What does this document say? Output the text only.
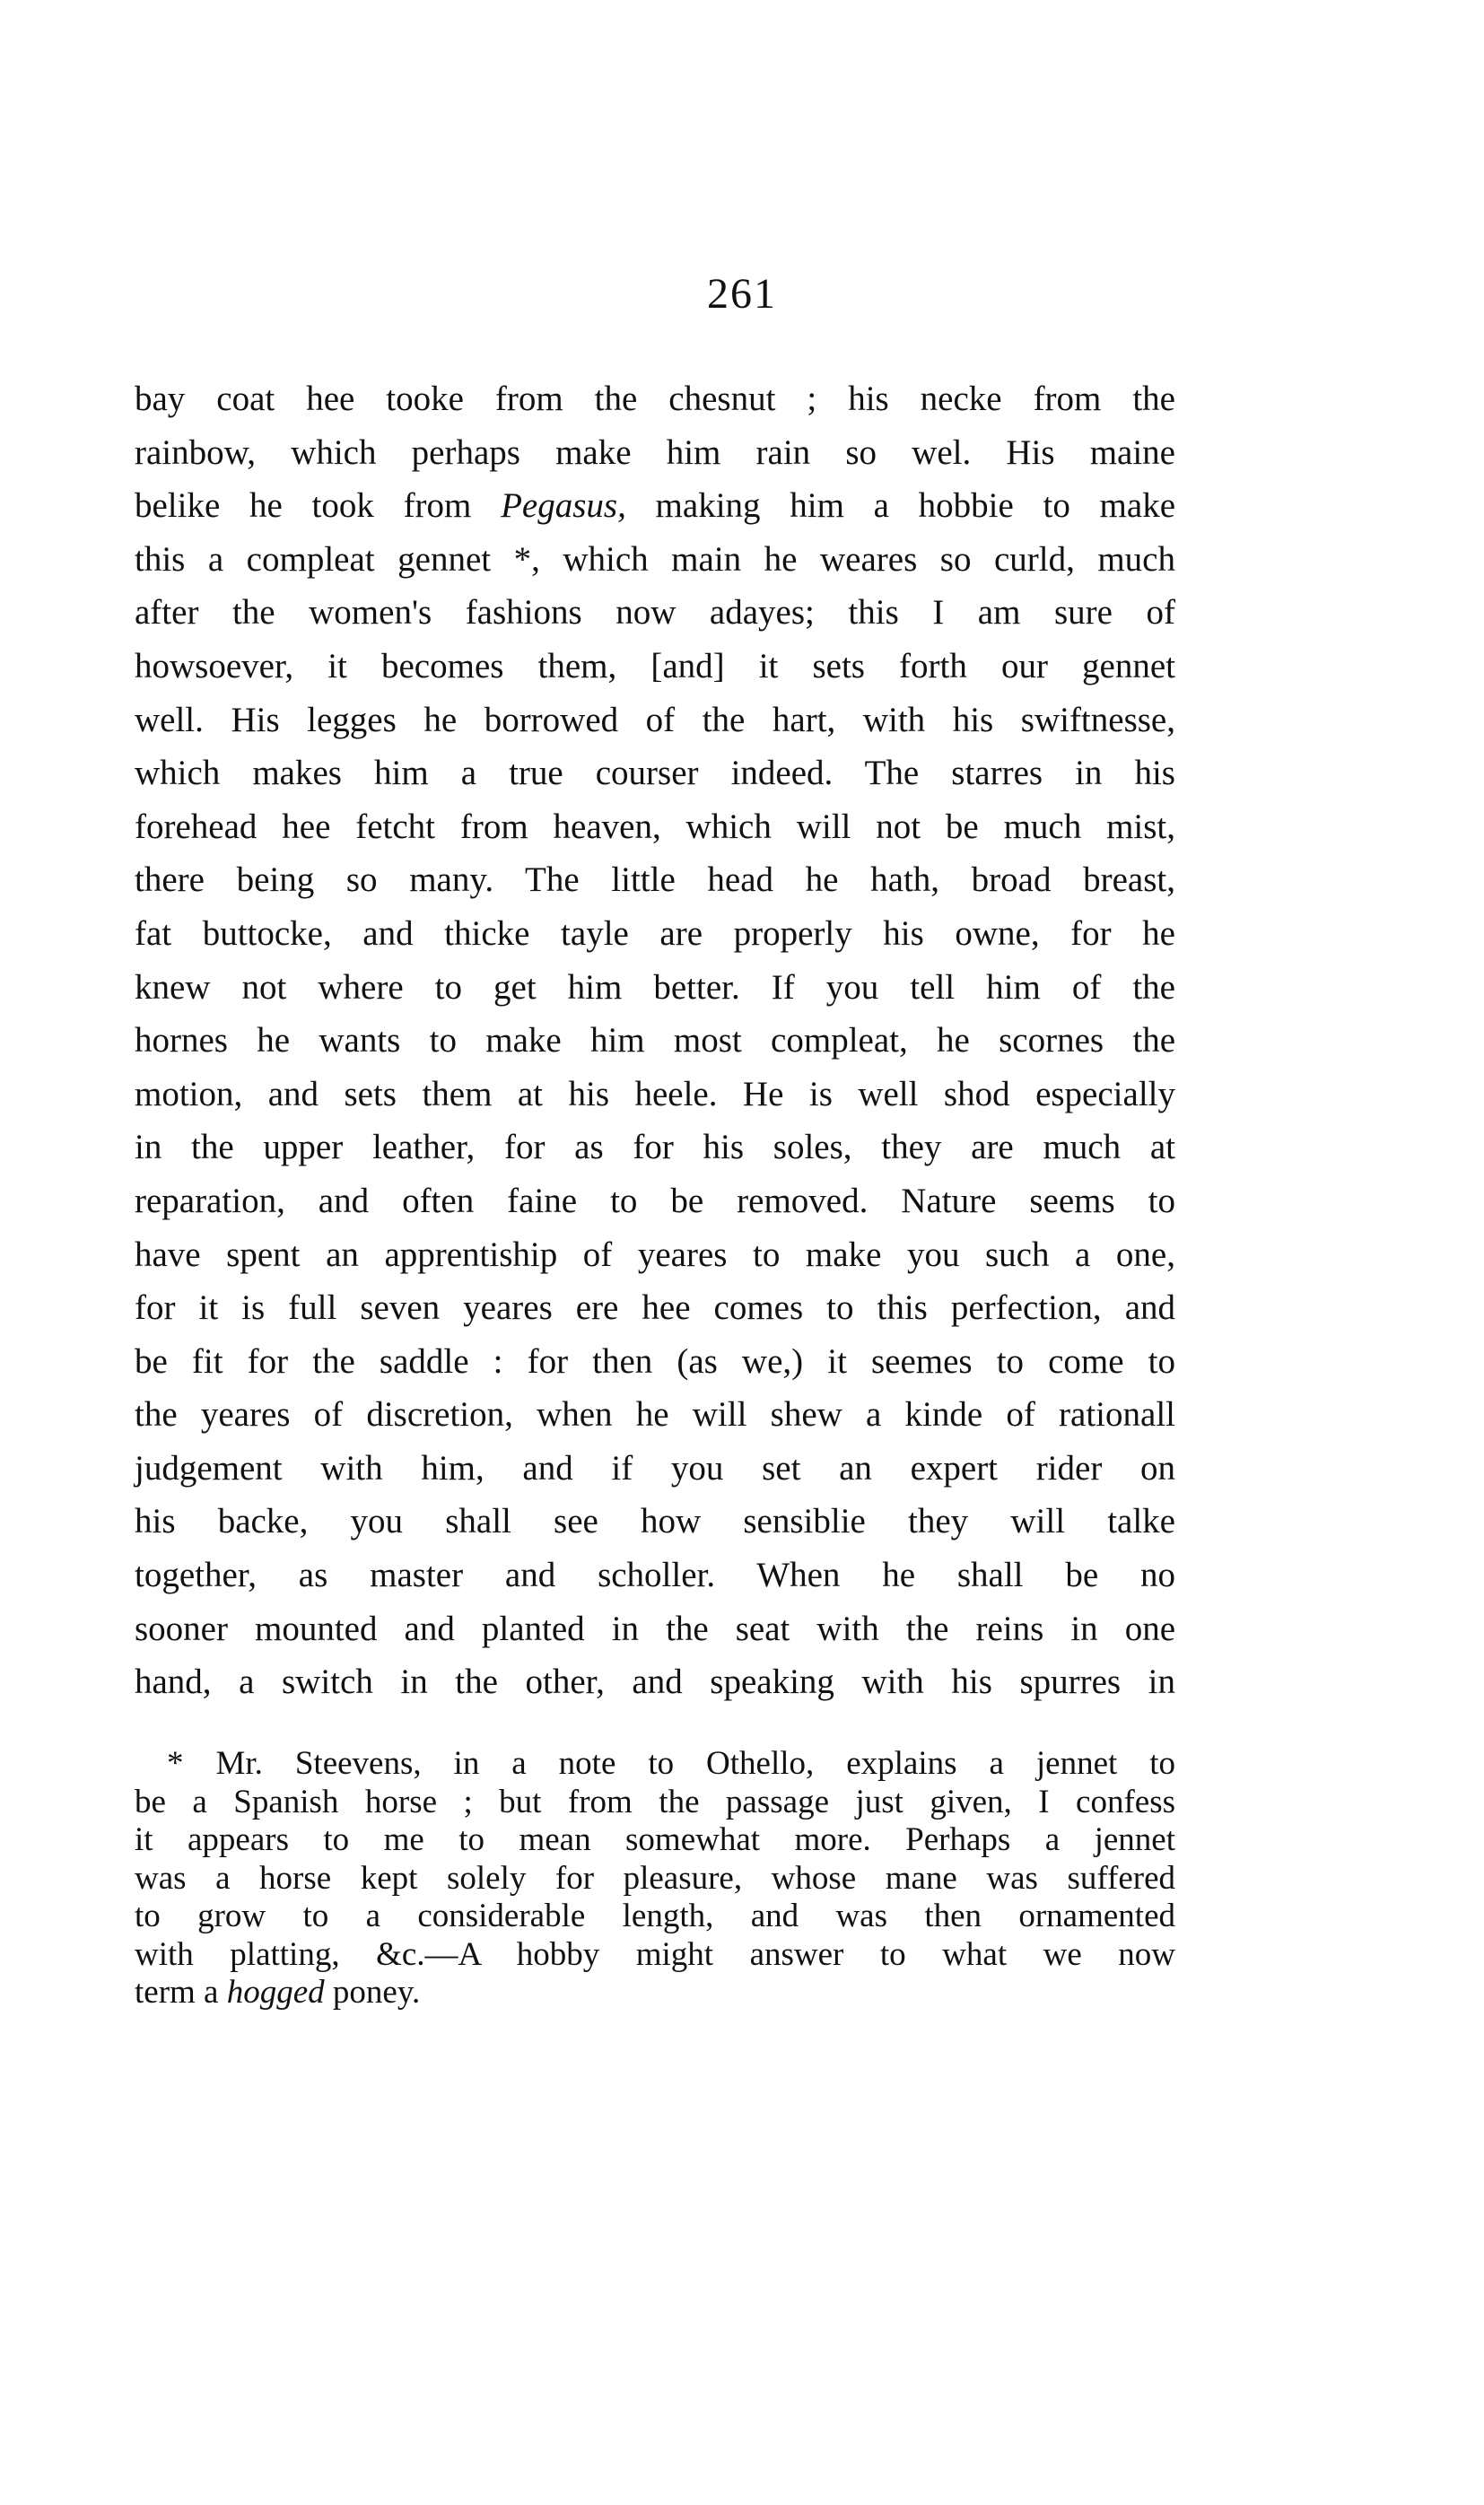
261
bay coat hee tooke from the chesnut ; his necke from the
rainbow, which perhaps make him rain so wel. His maine
belike he took from Pegasus, making him a hobbie to make
this a compleat gennet *, which main he weares so curld, much
after the women's fashions now adayes; this I am sure of
howsoever, it becomes them, [and] it sets forth our gennet
well. His legges he borrowed of the hart, with his swiftnesse,
which makes him a true courser indeed. The starres in his
forehead hee fetcht from heaven, which will not be much mist,
there being so many. The little head he hath, broad breast,
fat buttocke, and thicke tayle are properly his owne, for he
knew not where to get him better. If you tell him of the
hornes he wants to make him most compleat, he scornes the
motion, and sets them at his heele. He is well shod especially
in the upper leather, for as for his soles, they are much at
reparation, and often faine to be removed. Nature seems to
have spent an apprentiship of yeares to make you such a one,
for it is full seven yeares ere hee comes to this perfection, and
be fit for the saddle : for then (as we,) it seemes to come to
the yeares of discretion, when he will shew a kinde of rationall
judgement with him, and if you set an expert rider on
his backe, you shall see how sensiblie they will talke
together, as master and scholler. When he shall be no
sooner mounted and planted in the seat with the reins in one
hand, a switch in the other, and speaking with his spurres in
* Mr. Steevens, in a note to Othello, explains a jennet to
be a Spanish horse ; but from the passage just given, I confess
it appears to me to mean somewhat more. Perhaps a jennet
was a horse kept solely for pleasure, whose mane was suffered
to grow to a considerable length, and was then ornamented
with platting, &c.—A hobby might answer to what we now
term a hogged poney.
